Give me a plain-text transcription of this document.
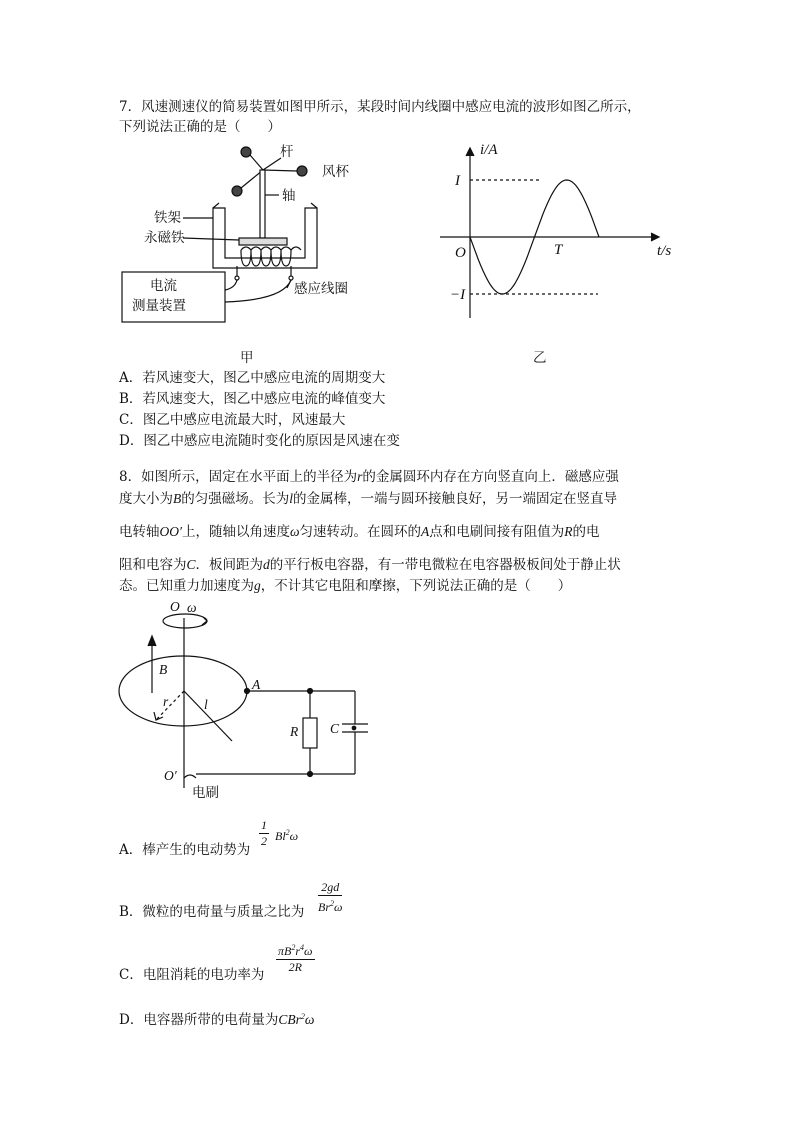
7．风速测速仪的简易装置如图甲所示，某段时间内线圈中感应电流的波形如图乙所示，
下列说法正确的是（　　）
杆
风杯
轴
铁架
永磁铁
感应线圈
电流
测量装置
甲
i/A
I
O	T	t/s
−I
乙
A．若风速变大，图乙中感应电流的周期变大
B．若风速变大，图乙中感应电流的峰值变大
C．图乙中感应电流最大时，风速最大
D．图乙中感应电流随时变化的原因是风速在变
8．如图所示，固定在水平面上的半径为r的金属圆环内存在方向竖直向上．磁感应强
度大小为B的匀强磁场。长为l的金属棒，一端与圆环接触良好，另一端固定在竖直导
电转轴OO′上，随轴以角速度ω匀速转动。在圆环的A点和电刷间接有阻值为R的电
阻和电容为C．板间距为d的平行板电容器，有一带电微粒在电容器极板间处于静止状
态。已知重力加速度为g，不计其它电阻和摩擦，下列说法正确的是（　　）
O ω
B
r	l
A
R C
O′
电刷
A．棒产生的电动势为
$\frac{1}{2} Bl^2\omega$
B．微粒的电荷量与质量之比为 $\frac{2gd}{Br^2\omega}$
C．电阻消耗的电功率为 $\frac{\pi B^2r^4\omega}{2R}$
D．电容器所带的电荷量为CBr$^2$ω
